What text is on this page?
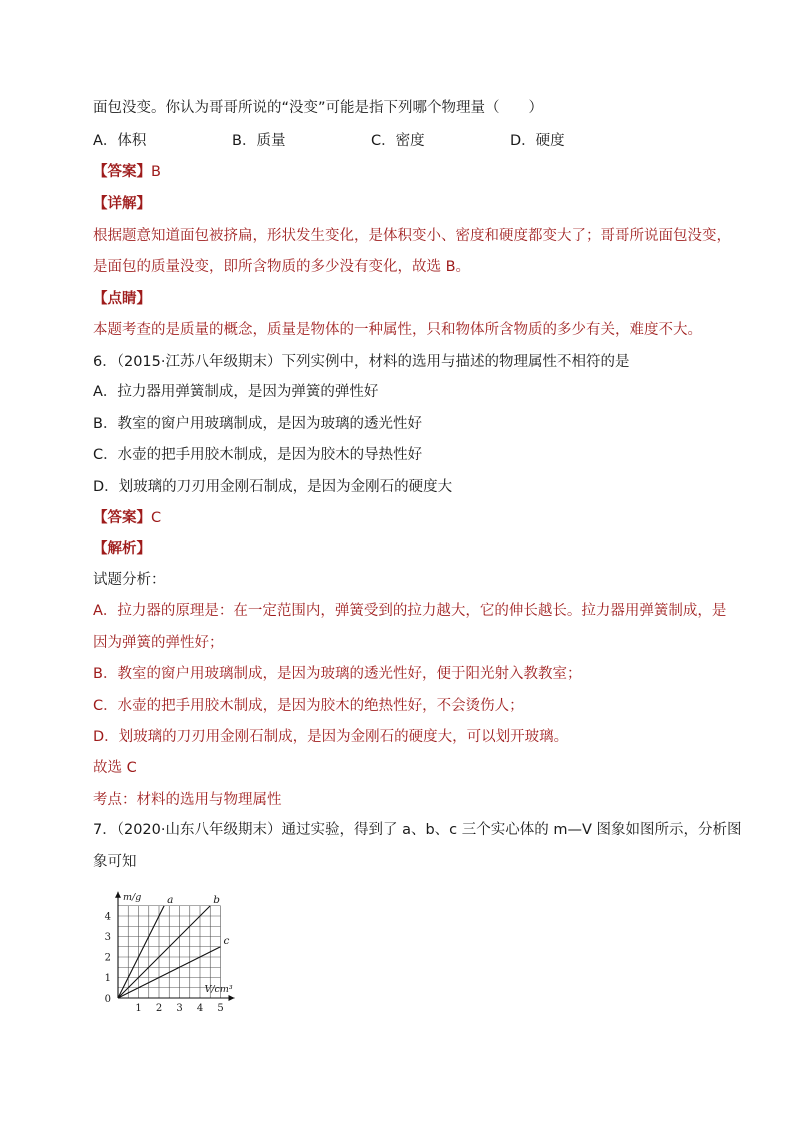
面包没变。你认为哥哥所说的“没变”可能是指下列哪个物理量（　　）
A．体积	B．质量	C．密度	D．硬度
【答案】B
【详解】
根据题意知道面包被挤扁，形状发生变化，是体积变小、密度和硬度都变大了；哥哥所说面包没变，
是面包的质量没变，即所含物质的多少没有变化，故选 B。
【点睛】
本题考查的是质量的概念，质量是物体的一种属性，只和物体所含物质的多少有关，难度不大。
6．（2015·江苏八年级期末）下列实例中，材料的选用与描述的物理属性不相符的是
A．拉力器用弹簧制成，是因为弹簧的弹性好
B．教室的窗户用玻璃制成，是因为玻璃的透光性好
C．水壶的把手用胶木制成，是因为胶木的导热性好
D．划玻璃的刀刃用金刚石制成，是因为金刚石的硬度大
【答案】C
【解析】
试题分析：
A．拉力器的原理是：在一定范围内，弹簧受到的拉力越大，它的伸长越长。拉力器用弹簧制成，是
因为弹簧的弹性好；
B．教室的窗户用玻璃制成，是因为玻璃的透光性好，便于阳光射入教教室；
C．水壶的把手用胶木制成，是因为胶木的绝热性好，不会烫伤人；
D．划玻璃的刀刃用金刚石制成，是因为金刚石的硬度大，可以划开玻璃。
故选 C
考点：材料的选用与物理属性
7．（2020·山东八年级期末）通过实验，得到了 a、b、c 三个实心体的 m—V 图象如图所示，分析图
象可知
1 2 3 4 5
1
2
3
4
0
m/g
V/cm³
a	b
c
